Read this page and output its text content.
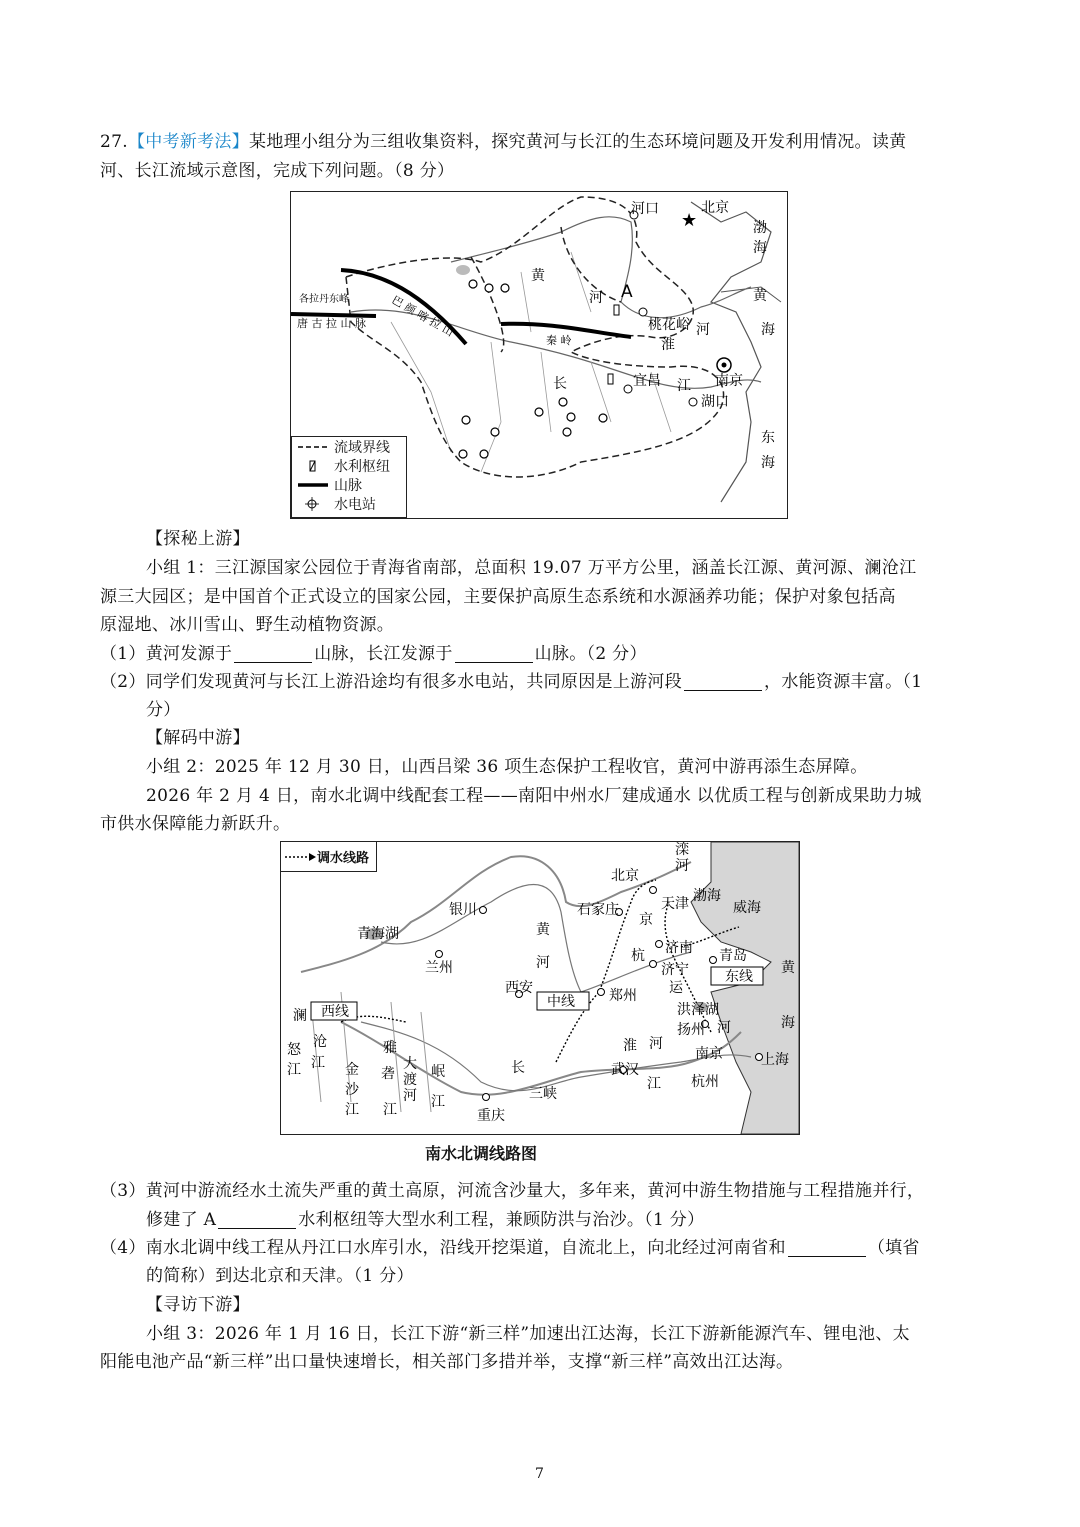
27.【中考新考法】某地理小组分为三组收集资料，探究黄河与长江的生态环境问题及开发利用情况。读黄

河、长江流域示意图，完成下列问题。（8 分）

★
河口	北京
渤
海
黄
海
黄
河 A
桃花峪 河
淮
各拉丹东峰
唐 古 拉 山 脉 巴 颜 喀 拉 山
秦 岭
长	宜昌 江 南京
湖口
东
海
流域界线
水利枢纽
山脉
水电站

【探秘上游】

小组 1：三江源国家公园位于青海省南部，总面积 19.07 万平方公里，涵盖长江源、黄河源、澜沧江

源三大园区；是中国首个正式设立的国家公园，主要保护高原生态系统和水源涵养功能；保护对象包括高

原湿地、冰川雪山、野生动植物资源。

（1）黄河发源于	山脉，长江发源于	山脉。（2 分）

（2）同学们发现黄河与长江上游沿途均有很多水电站，共同原因是上游河段	，水能资源丰富。（1

分）

【解码中游】

小组 2：2025 年 12 月 30 日，山西吕梁 36 项生态保护工程收官，黄河中游再添生态屏障。

2026 年 2 月 4 日，南水北调中线配套工程——南阳中州水厂建成通水 以优质工程与创新成果助力城

市供水保障能力新跃升。

滦
河
北京
天津 渤海
威海
石家庄
京
杭 济南 青岛
济宁	东线
黄
海
银川
青海湖	黄
河
兰州
西安	郑州
中线
运
洪泽湖
扬州 河
西线
澜
沧
怒
江
江	金
沙
江
雅
砻
江
大
渡
河
岷
江
长
淮 河
武汉
南京	上海
杭州
江
三峡
重庆
调水线路
南水北调线路图

（3）黄河中游流经水土流失严重的黄土高原，河流含沙量大，多年来，黄河中游生物措施与工程措施并行，

修建了 A	水利枢纽等大型水利工程，兼顾防洪与治沙。（1 分）

（4）南水北调中线工程从丹江口水库引水，沿线开挖渠道，自流北上，向北经过河南省和	（填省

的简称）到达北京和天津。（1 分）

【寻访下游】

小组 3：2026 年 1 月 16 日，长江下游“新三样”加速出江达海，长江下游新能源汽车、锂电池、太

阳能电池产品“新三样”出口量快速增长，相关部门多措并举，支撑“新三样”高效出江达海。

7
